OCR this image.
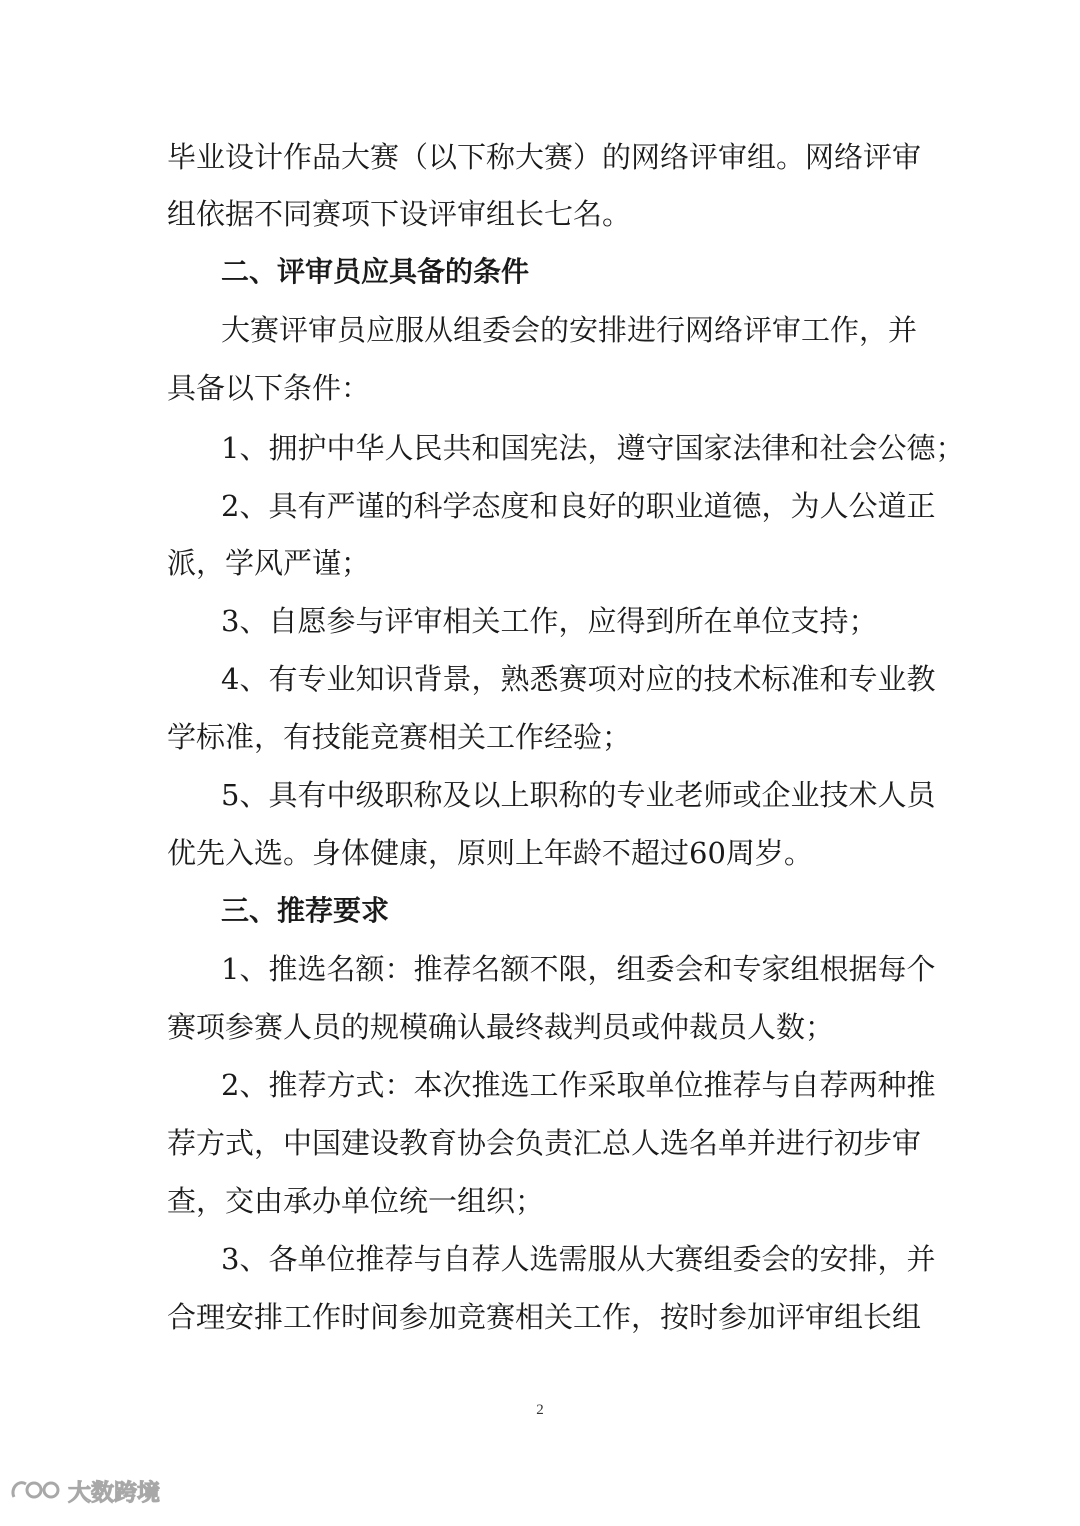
毕业设计作品大赛（以下称大赛）的网络评审组。网络评审
组依据不同赛项下设评审组长七名。
二、评审员应具备的条件
大赛评审员应服从组委会的安排进行网络评审工作，并
具备以下条件：
1、拥护中华人民共和国宪法，遵守国家法律和社会公德；
2、具有严谨的科学态度和良好的职业道德，为人公道正
派，学风严谨；
3、自愿参与评审相关工作，应得到所在单位支持；
4、有专业知识背景，熟悉赛项对应的技术标准和专业教
学标准，有技能竞赛相关工作经验；
5、具有中级职称及以上职称的专业老师或企业技术人员
优先入选。身体健康，原则上年龄不超过60周岁。
三、推荐要求
1、推选名额：推荐名额不限，组委会和专家组根据每个
赛项参赛人员的规模确认最终裁判员或仲裁员人数；
2、推荐方式：本次推选工作采取单位推荐与自荐两种推
荐方式，中国建设教育协会负责汇总人选名单并进行初步审
查，交由承办单位统一组织；
3、各单位推荐与自荐人选需服从大赛组委会的安排，并
合理安排工作时间参加竞赛相关工作，按时参加评审组长组
2
大数跨境
